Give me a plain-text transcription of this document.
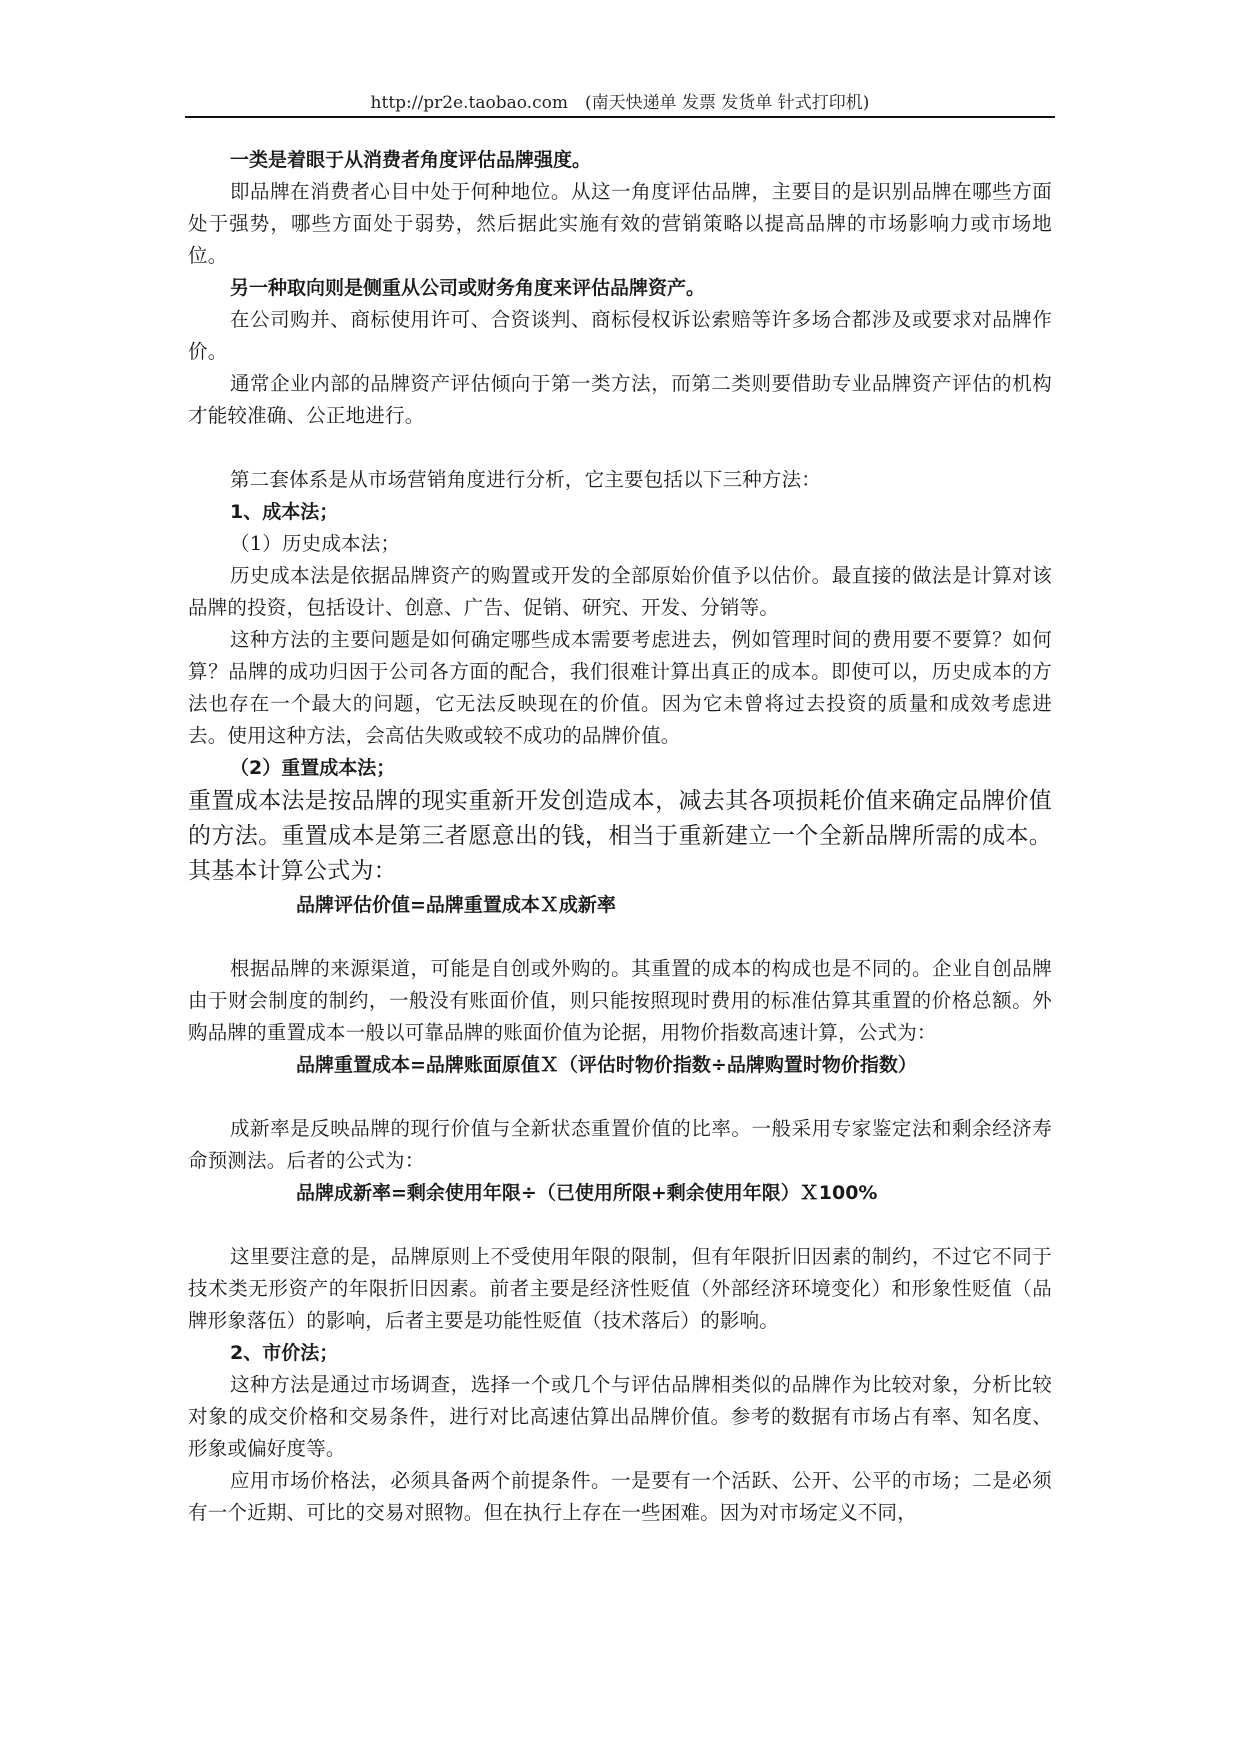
http://pr2e.taobao.com　(南天快递单 发票 发货单 针式打印机)

一类是着眼于从消费者角度评估品牌强度。

即品牌在消费者心目中处于何种地位。从这一角度评估品牌，主要目的是识别品牌在哪些方面处于强势，哪些方面处于弱势，然后据此实施有效的营销策略以提高品牌的市场影响力或市场地位。

另一种取向则是侧重从公司或财务角度来评估品牌资产。

在公司购并、商标使用许可、合资谈判、商标侵权诉讼索赔等许多场合都涉及或要求对品牌作价。

通常企业内部的品牌资产评估倾向于第一类方法，而第二类则要借助专业品牌资产评估的机构才能较准确、公正地进行。

第二套体系是从市场营销角度进行分析，它主要包括以下三种方法：

1、成本法；

（1）历史成本法；

历史成本法是依据品牌资产的购置或开发的全部原始价值予以估价。最直接的做法是计算对该品牌的投资，包括设计、创意、广告、促销、研究、开发、分销等。

这种方法的主要问题是如何确定哪些成本需要考虑进去，例如管理时间的费用要不要算？如何算？品牌的成功归因于公司各方面的配合，我们很难计算出真正的成本。即使可以，历史成本的方法也存在一个最大的问题，它无法反映现在的价值。因为它未曾将过去投资的质量和成效考虑进去。使用这种方法，会高估失败或较不成功的品牌价值。

（2）重置成本法；

重置成本法是按品牌的现实重新开发创造成本，减去其各项损耗价值来确定品牌价值的方法。重置成本是第三者愿意出的钱，相当于重新建立一个全新品牌所需的成本。其基本计算公式为：

品牌评估价值=品牌重置成本Ｘ成新率

根据品牌的来源渠道，可能是自创或外购的。其重置的成本的构成也是不同的。企业自创品牌由于财会制度的制约，一般没有账面价值，则只能按照现时费用的标准估算其重置的价格总额。外购品牌的重置成本一般以可靠品牌的账面价值为论据，用物价指数高速计算，公式为：

品牌重置成本=品牌账面原值Ｘ（评估时物价指数÷品牌购置时物价指数）

成新率是反映品牌的现行价值与全新状态重置价值的比率。一般采用专家鉴定法和剩余经济寿命预测法。后者的公式为：

品牌成新率=剩余使用年限÷（已使用所限+剩余使用年限）Ｘ100%

这里要注意的是，品牌原则上不受使用年限的限制，但有年限折旧因素的制约，不过它不同于技术类无形资产的年限折旧因素。前者主要是经济性贬值（外部经济环境变化）和形象性贬值（品牌形象落伍）的影响，后者主要是功能性贬值（技术落后）的影响。

2、市价法；

这种方法是通过市场调查，选择一个或几个与评估品牌相类似的品牌作为比较对象，分析比较对象的成交价格和交易条件，进行对比高速估算出品牌价值。参考的数据有市场占有率、知名度、形象或偏好度等。

应用市场价格法，必须具备两个前提条件。一是要有一个活跃、公开、公平的市场；二是必须有一个近期、可比的交易对照物。但在执行上存在一些困难。因为对市场定义不同，
